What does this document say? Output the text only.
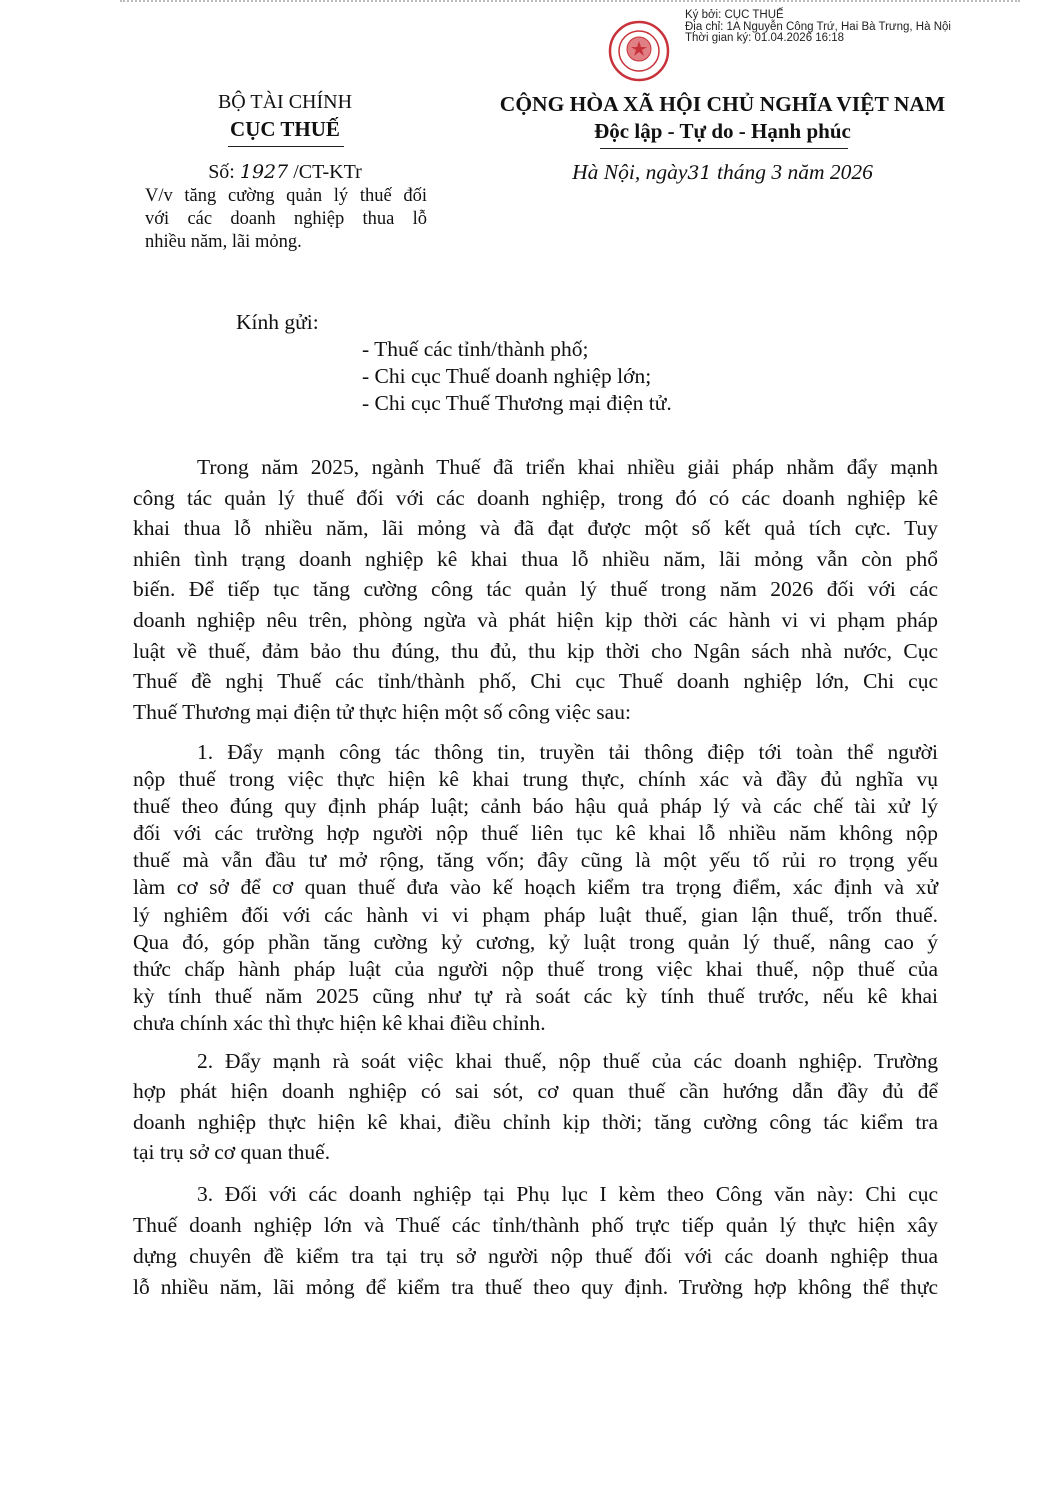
Ký bởi: CỤC THUẾ
Địa chỉ: 1A Nguyễn Công Trứ, Hai Bà Trưng, Hà Nội
Thời gian ký: 01.04.2026 16:18
BỘ TÀI CHÍNH
CỤC THUẾ
Số: 1927 /CT-KTr
V/v tăng cường quản lý thuế đối
với các doanh nghiệp thua lỗ
nhiều năm, lãi mỏng.
CỘNG HÒA XÃ HỘI CHỦ NGHĨA VIỆT NAM
Độc lập - Tự do - Hạnh phúc
Hà Nội, ngày31 tháng 3 năm 2026
Kính gửi:
- Thuế các tỉnh/thành phố;
- Chi cục Thuế doanh nghiệp lớn;
- Chi cục Thuế Thương mại điện tử.
Trong năm 2025, ngành Thuế đã triển khai nhiều giải pháp nhằm đẩy mạnh
công tác quản lý thuế đối với các doanh nghiệp, trong đó có các doanh nghiệp kê
khai thua lỗ nhiều năm, lãi mỏng và đã đạt được một số kết quả tích cực. Tuy
nhiên tình trạng doanh nghiệp kê khai thua lỗ nhiều năm, lãi mỏng vẫn còn phổ
biến. Để tiếp tục tăng cường công tác quản lý thuế trong năm 2026 đối với các
doanh nghiệp nêu trên, phòng ngừa và phát hiện kịp thời các hành vi vi phạm pháp
luật về thuế, đảm bảo thu đúng, thu đủ, thu kịp thời cho Ngân sách nhà nước, Cục
Thuế đề nghị Thuế các tỉnh/thành phố, Chi cục Thuế doanh nghiệp lớn, Chi cục
Thuế Thương mại điện tử thực hiện một số công việc sau:
1. Đẩy mạnh công tác thông tin, truyền tải thông điệp tới toàn thể người
nộp thuế trong việc thực hiện kê khai trung thực, chính xác và đầy đủ nghĩa vụ
thuế theo đúng quy định pháp luật; cảnh báo hậu quả pháp lý và các chế tài xử lý
đối với các trường hợp người nộp thuế liên tục kê khai lỗ nhiều năm không nộp
thuế mà vẫn đầu tư mở rộng, tăng vốn; đây cũng là một yếu tố rủi ro trọng yếu
làm cơ sở để cơ quan thuế đưa vào kế hoạch kiểm tra trọng điểm, xác định và xử
lý nghiêm đối với các hành vi vi phạm pháp luật thuế, gian lận thuế, trốn thuế.
Qua đó, góp phần tăng cường kỷ cương, kỷ luật trong quản lý thuế, nâng cao ý
thức chấp hành pháp luật của người nộp thuế trong việc khai thuế, nộp thuế của
kỳ tính thuế năm 2025 cũng như tự rà soát các kỳ tính thuế trước, nếu kê khai
chưa chính xác thì thực hiện kê khai điều chỉnh.
2. Đẩy mạnh rà soát việc khai thuế, nộp thuế của các doanh nghiệp. Trường
hợp phát hiện doanh nghiệp có sai sót, cơ quan thuế cần hướng dẫn đầy đủ để
doanh nghiệp thực hiện kê khai, điều chỉnh kịp thời; tăng cường công tác kiểm tra
tại trụ sở cơ quan thuế.
3. Đối với các doanh nghiệp tại Phụ lục I kèm theo Công văn này: Chi cục
Thuế doanh nghiệp lớn và Thuế các tỉnh/thành phố trực tiếp quản lý thực hiện xây
dựng chuyên đề kiểm tra tại trụ sở người nộp thuế đối với các doanh nghiệp thua
lỗ nhiều năm, lãi mỏng để kiểm tra thuế theo quy định. Trường hợp không thể thực
